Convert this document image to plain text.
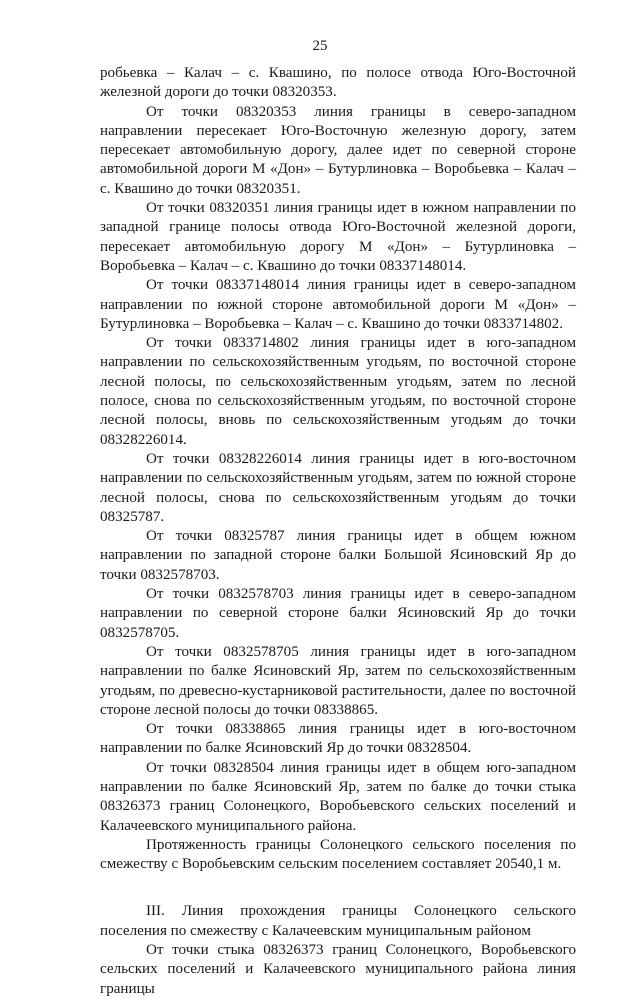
25

робьевка – Калач – с. Квашино, по полосе отвода Юго-Восточной железной дороги до точки 08320353.

От точки 08320353 линия границы в северо-западном направлении пересекает Юго-Восточную железную дорогу, затем пересекает автомобильную дорогу, далее идет по северной стороне автомобильной дороги М «Дон» – Бутурлиновка – Воробьевка – Калач – с. Квашино до точки 08320351.

От точки 08320351 линия границы идет в южном направлении по западной границе полосы отвода Юго-Восточной железной дороги, пересекает автомобильную дорогу М «Дон» – Бутурлиновка – Воробьевка – Калач – с. Квашино до точки 08337148014.

От точки 08337148014 линия границы идет в северо-западном направлении по южной стороне автомобильной дороги М «Дон» – Бутурлиновка – Воробьевка – Калач – с. Квашино до точки 0833714802.

От точки 0833714802 линия границы идет в юго-западном направлении по сельскохозяйственным угодьям, по восточной стороне лесной полосы, по сельскохозяйственным угодьям, затем по лесной полосе, снова по сельскохозяйственным угодьям, по восточной стороне лесной полосы, вновь по сельскохозяйственным угодьям до точки 08328226014.

От точки 08328226014 линия границы идет в юго-восточном направлении по сельскохозяйственным угодьям, затем по южной стороне лесной полосы, снова по сельскохозяйственным угодьям до точки 08325787.

От точки 08325787 линия границы идет в общем южном направлении по западной стороне балки Большой Ясиновский Яр до точки 0832578703.

От точки 0832578703 линия границы идет в северо-западном направлении по северной стороне балки Ясиновский Яр до точки 0832578705.

От точки 0832578705 линия границы идет в юго-западном направлении по балке Ясиновский Яр, затем по сельскохозяйственным угодьям, по древесно-кустарниковой растительности, далее по восточной стороне лесной полосы до точки 08338865.

От точки 08338865 линия границы идет в юго-восточном направлении по балке Ясиновский Яр до точки 08328504.

От точки 08328504 линия границы идет в общем юго-западном направлении по балке Ясиновский Яр, затем по балке до точки стыка 08326373 границ Солонецкого, Воробьевского сельских поселений и Калачеевского муниципального района.

Протяженность границы Солонецкого сельского поселения по смежеству с Воробьевским сельским поселением составляет 20540,1 м.

III. Линия прохождения границы Солонецкого сельского поселения по смежеству с Калачеевским муниципальным районом

От точки стыка 08326373 границ Солонецкого, Воробьевского сельских поселений и Калачеевского муниципального района линия границы
